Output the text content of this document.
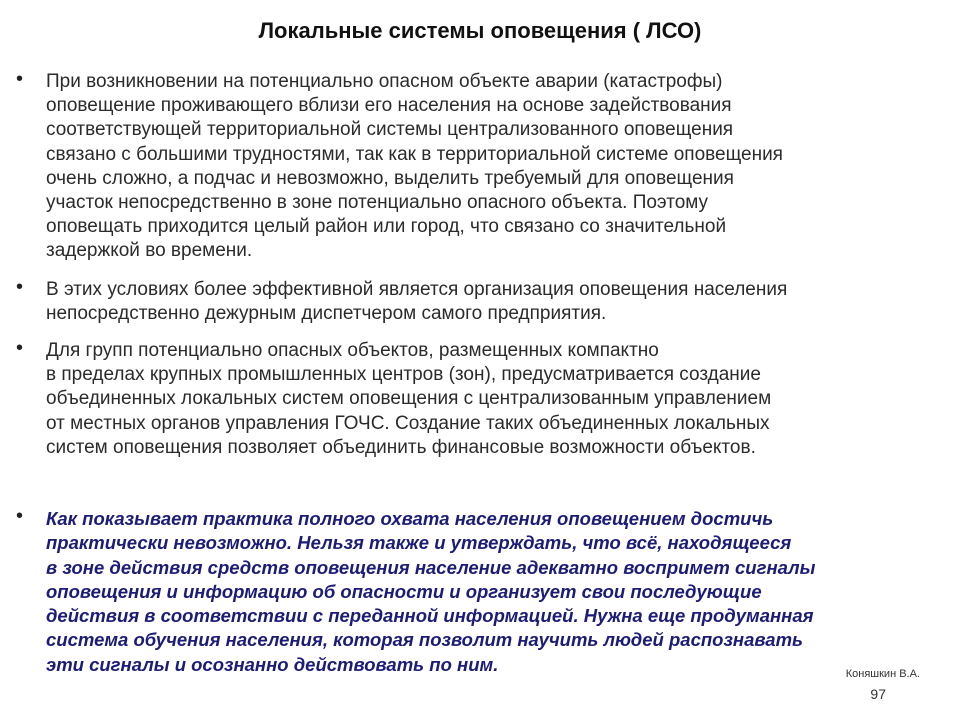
Локальные системы оповещения ( ЛСО)
•	При возникновении на потенциально опасном объекте аварии (катастрофы)
оповещение проживающего вблизи его населения на основе задействования
соответствующей территориальной системы централизованного оповещения
связано с большими трудностями, так как в территориальной системе оповещения
очень сложно, а подчас и невозможно, выделить требуемый для оповещения
участок непосредственно в зоне потенциально опасного объекта. Поэтому
оповещать приходится целый район или город, что связано со значительной
задержкой во времени.
•	В этих условиях более эффективной является организация оповещения населения
непосредственно дежурным диспетчером самого предприятия.
•	Для групп потенциально опасных объектов, размещенных компактно
в пределах крупных промышленных центров (зон), предусматривается создание
объединенных локальных систем оповещения с централизованным управлением
от местных органов управления ГОЧС. Создание таких объединенных локальных
систем оповещения позволяет объединить финансовые возможности объектов.
•	Как показывает практика полного охвата населения оповещением достичь
практически невозможно. Нельзя также и утверждать, что всё, находящееся
в зоне действия средств оповещения население адекватно воспримет сигналы
оповещения и информацию об опасности и организует свои последующие
действия в соответствии с переданной информацией. Нужна еще продуманная
система обучения населения, которая позволит научить людей распознавать
эти сигналы и осознанно действовать по ним.	Коняшкин В.А.
97
